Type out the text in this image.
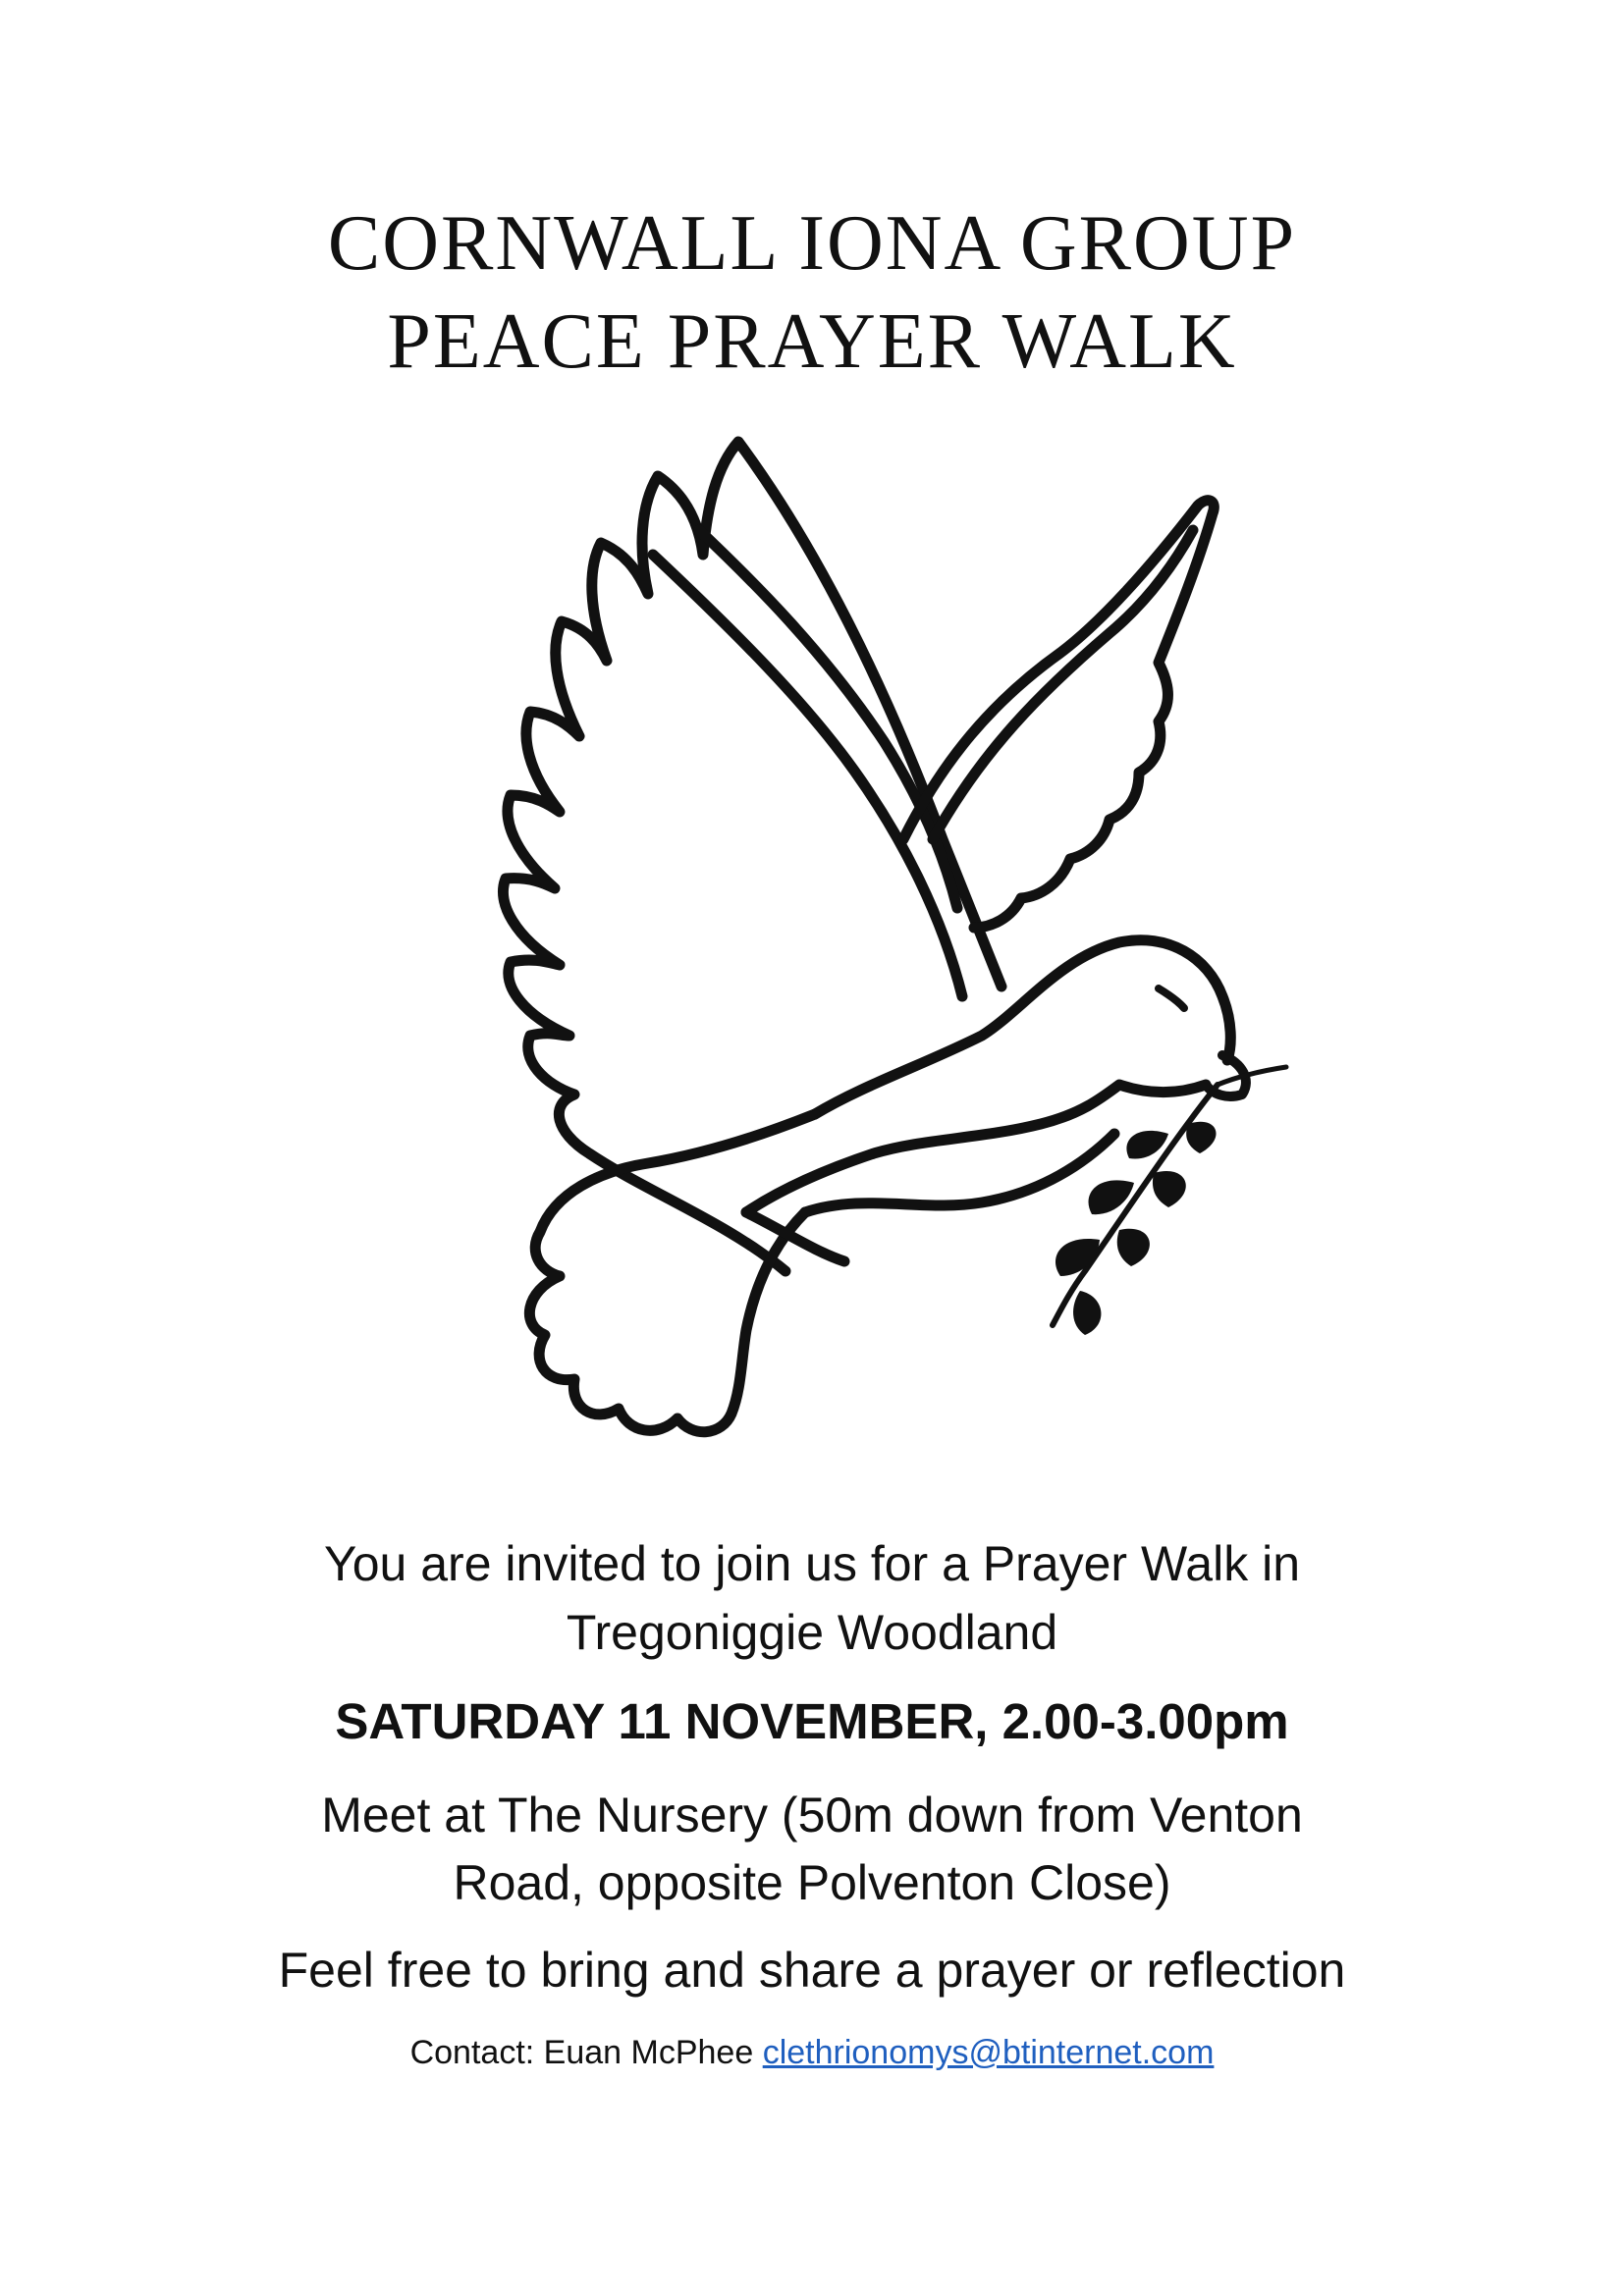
CORNWALL IONA GROUP
PEACE PRAYER WALK
You are invited to join us for a Prayer Walk in
Tregoniggie Woodland
SATURDAY 11 NOVEMBER, 2.00-3.00pm
Meet at The Nursery (50m down from Venton
Road, opposite Polventon Close)
Feel free to bring and share a prayer or reflection
Contact: Euan McPhee clethrionomys@btinternet.com
